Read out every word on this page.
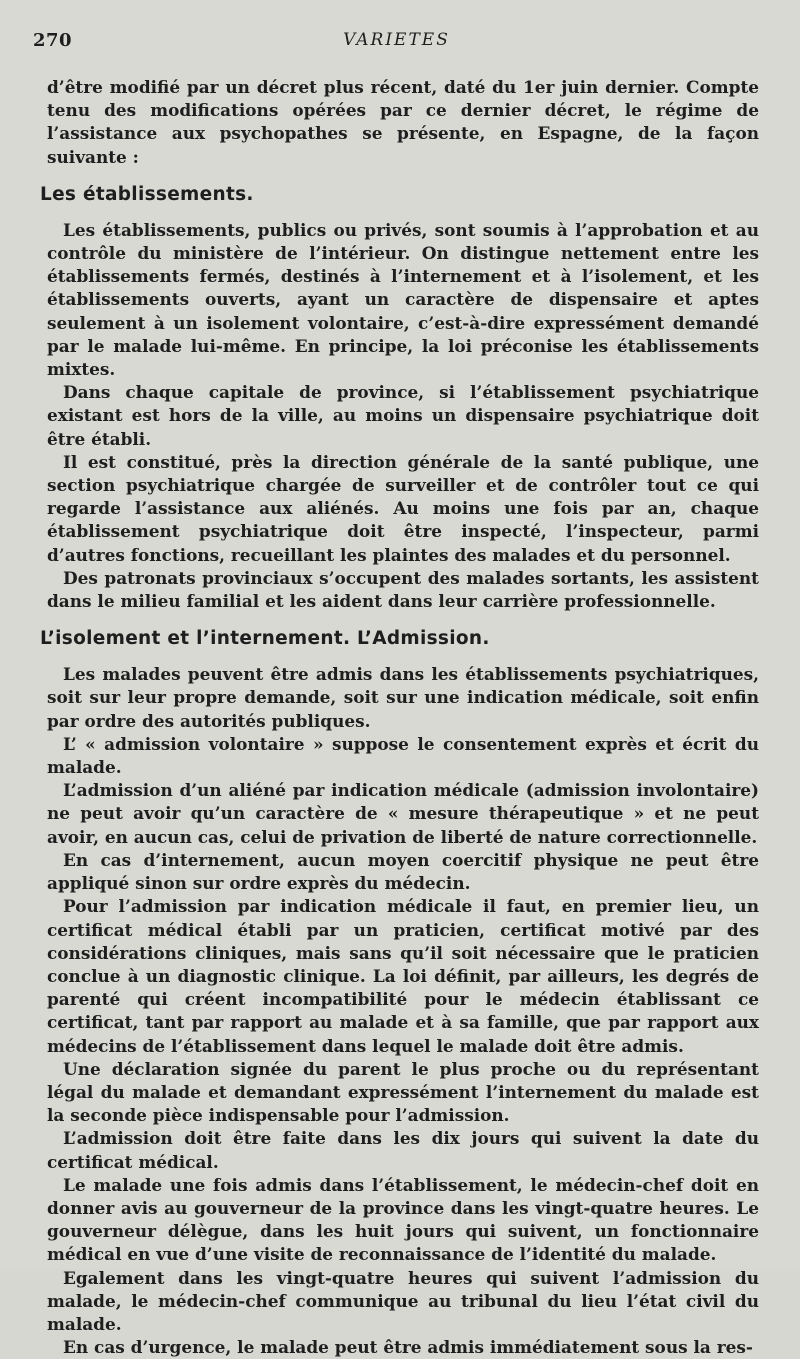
270	VARIETES

d’être modifié par un décret plus récent, daté du 1er juin dernier. Compte tenu des modifications opérées par ce dernier décret, le régime de l’assistance aux psychopathes se présente, en Espagne, de la façon suivante :

Les établissements.

Les établissements, publics ou privés, sont soumis à l’approbation et au contrôle du ministère de l’intérieur. On distingue nettement entre les établissements fermés, destinés à l’internement et à l’isolement, et les établissements ouverts, ayant un caractère de dispensaire et aptes seulement à un isolement volontaire, c’est-à-dire expressément demandé par le malade lui-même. En principe, la loi préconise les établissements mixtes.

Dans chaque capitale de province, si l’établissement psychiatrique existant est hors de la ville, au moins un dispensaire psychiatrique doit être établi.

Il est constitué, près la direction générale de la santé publique, une section psychiatrique chargée de surveiller et de contrôler tout ce qui regarde l’assistance aux aliénés. Au moins une fois par an, chaque établissement psychiatrique doit être inspecté, l’inspecteur, parmi d’autres fonctions, recueillant les plaintes des malades et du personnel.

Des patronats provinciaux s’occupent des malades sortants, les assistent dans le milieu familial et les aident dans leur carrière professionnelle.

L’isolement et l’internement. L’Admission.

Les malades peuvent être admis dans les établissements psychiatriques, soit sur leur propre demande, soit sur une indication médicale, soit enfin par ordre des autorités publiques.

L’ « admission volontaire » suppose le consentement exprès et écrit du malade.

L’admission d’un aliéné par indication médicale (admission involontaire) ne peut avoir qu’un caractère de « mesure thérapeutique » et ne peut avoir, en aucun cas, celui de privation de liberté de nature correctionnelle.

En cas d’internement, aucun moyen coercitif physique ne peut être appliqué sinon sur ordre exprès du médecin.

Pour l’admission par indication médicale il faut, en premier lieu, un certificat médical établi par un praticien, certificat motivé par des considérations cliniques, mais sans qu’il soit nécessaire que le praticien conclue à un diagnostic clinique. La loi définit, par ailleurs, les degrés de parenté qui créent incompatibilité pour le médecin établissant ce certificat, tant par rapport au malade et à sa famille, que par rapport aux médecins de l’établissement dans lequel le malade doit être admis.

Une déclaration signée du parent le plus proche ou du représentant légal du malade et demandant expressément l’internement du malade est la seconde pièce indispensable pour l’admission.

L’admission doit être faite dans les dix jours qui suivent la date du certificat médical.

Le malade une fois admis dans l’établissement, le médecin-chef doit en donner avis au gouverneur de la province dans les vingt-quatre heures. Le gouverneur délègue, dans les huit jours qui suivent, un fonctionnaire médical en vue d’une visite de reconnaissance de l’identité du malade.

Egalement dans les vingt-quatre heures qui suivent l’admission du malade, le médecin-chef communique au tribunal du lieu l’état civil du malade.

En cas d’urgence, le malade peut être admis immédiatement sous la res-
